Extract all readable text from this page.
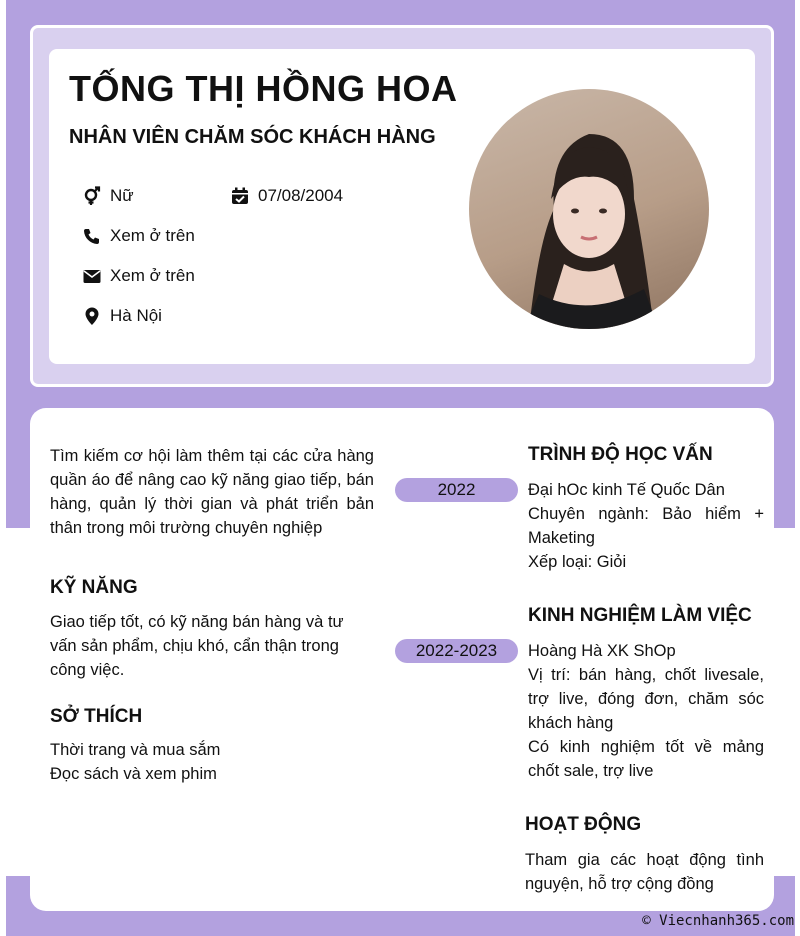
TỐNG THỊ HỒNG HOA
NHÂN VIÊN CHĂM SÓC KHÁCH HÀNG
Nữ	07/08/2004
Xem ở trên
Xem ở trên
Hà Nội
Tìm kiếm cơ hội làm thêm tại các cửa hàng quần áo để nâng cao kỹ năng giao tiếp, bán hàng, quản lý thời gian và phát triển bản thân trong môi trường chuyên nghiệp
KỸ NĂNG
Giao tiếp tốt, có kỹ năng bán hàng và tư vấn sản phẩm, chịu khó, cẩn thận trong công việc.
SỞ THÍCH
Thời trang và mua sắm
Đọc sách và xem phim
TRÌNH ĐỘ HỌC VẤN
2022	Đại hOc kinh Tế Quốc Dân
Chuyên ngành: Bảo hiểm + Maketing
Xếp loại: Giỏi
KINH NGHIỆM LÀM VIỆC
2022-2023	Hoàng Hà XK ShOp
Vị trí: bán hàng, chốt livesale, trợ live, đóng đơn, chăm sóc khách hàng
Có kinh nghiệm tốt về mảng chốt sale, trợ live
HOẠT ĐỘNG
Tham gia các hoạt động tình nguyện, hỗ trợ cộng đồng
© Viecnhanh365.com
